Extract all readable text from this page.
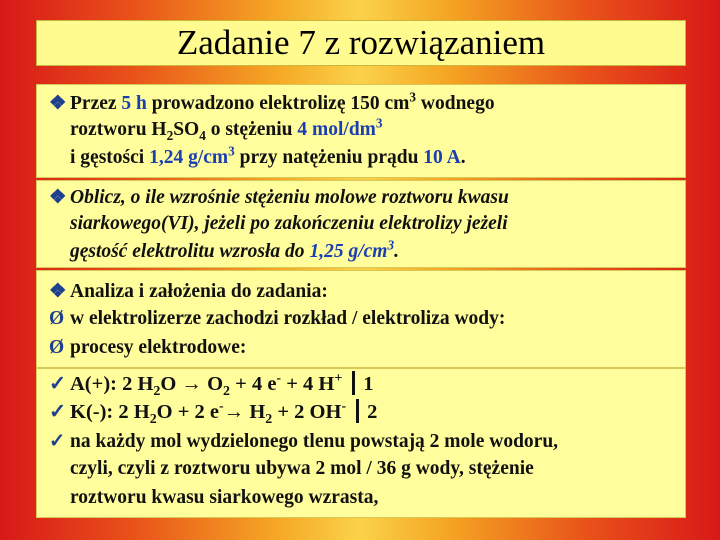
Zadanie 7 z rozwiązaniem
❖ Przez 5 h prowadzono elektrolizę 150 $cm^3$ wodnego
roztworu $H_2SO_4$ o stężeniu 4 mol/$dm^3$
i gęstości 1,24 $g/cm^3$ przy natężeniu prądu 10 A.
❖ Oblicz, o ile wzrośnie stężeniu molowe roztworu kwasu
siarkowego(VI), jeżeli po zakończeniu elektrolizy jeżeli
gęstość elektrolitu wzrosła do 1,25 $g/cm^3$.
❖ Analiza i założenia do zadania:
Ø w elektrolizerze zachodzi rozkład / elektroliza wody:
Ø procesy elektrodowe:
✓ A(+): 2 $H_2O \to O_2 + 4$ e- + 4 H+ 1
✓ K(-): 2 $H_2O + 2$ $e^-\to H_2 + 2$ OH- 2
✓ na każdy mol wydzielonego tlenu powstają 2 mole wodoru,
czyli, czyli z roztworu ubywa 2 mol / 36 g wody, stężenie
roztworu kwasu siarkowego wzrasta,
